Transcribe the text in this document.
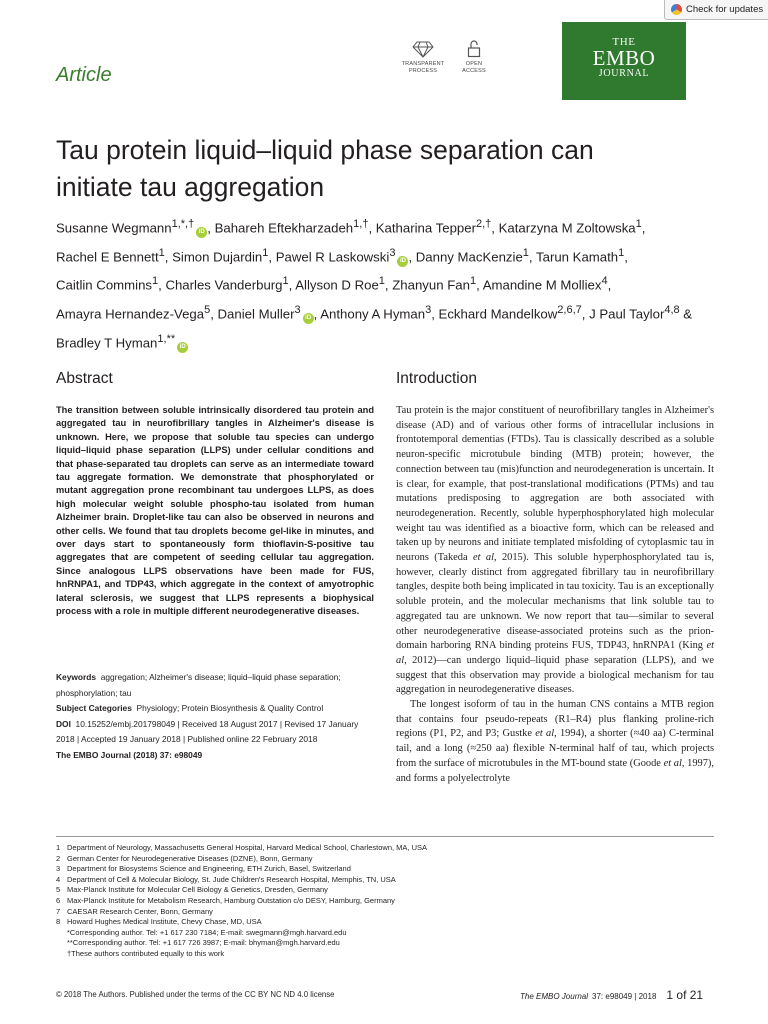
Check for updates
Article	TRANSPARENT
PROCESS
OPEN
ACCESS
THE
EMBO
JOURNAL
Tau protein liquid–liquid phase separation can initiate tau aggregation
Susanne Wegmann$^{1,*,\dagger}$iD , Bahareh Eftekharzadeh$^{1,\dagger}$, Katharina Tepper$^{2,\dagger}$, Katarzyna M Zoltowska$^1$, Rachel E Bennett$^1$, Simon Dujardin$^1$, Pawel R Laskowski$^3$iD , Danny MacKenzie$^1$, Tarun Kamath$^1$, Caitlin Commins$^1$, Charles Vanderburg$^1$, Allyson D Roe$^1$, Zhanyun Fan$^1$, Amandine M Molliex$^4$, Amayra Hernandez-Vega$^5$, Daniel Muller$^3$iD , Anthony A Hyman$^3$, Eckhard Mandelkow$^{2,6,7}$, J Paul Taylor$^{4,8}$ & Bradley T Hyman$^{1,**}$iD
Abstract
The transition between soluble intrinsically disordered tau protein and aggregated tau in neurofibrillary tangles in Alzheimer's disease is unknown. Here, we propose that soluble tau species can undergo liquid–liquid phase separation (LLPS) under cellular conditions and that phase-separated tau droplets can serve as an intermediate toward tau aggregate formation. We demonstrate that phosphorylated or mutant aggregation prone recombinant tau undergoes LLPS, as does high molecular weight soluble phospho-tau isolated from human Alzheimer brain. Droplet-like tau can also be observed in neurons and other cells. We found that tau droplets become gel-like in minutes, and over days start to spontaneously form thioflavin-S-positive tau aggregates that are competent of seeding cellular tau aggregation. Since analogous LLPS observations have been made for FUS, hnRNPA1, and TDP43, which aggregate in the context of amyotrophic lateral sclerosis, we suggest that LLPS represents a biophysical process with a role in multiple different neurodegenerative diseases.
Keywords aggregation; Alzheimer's disease; liquid–liquid phase separation; phosphorylation; tau
Subject Categories Physiology; Protein Biosynthesis & Quality Control
DOI 10.15252/embj.201798049 | Received 18 August 2017 | Revised 17 January 2018 | Accepted 19 January 2018 | Published online 22 February 2018
The EMBO Journal (2018) 37: e98049
Introduction

Tau protein is the major constituent of neurofibrillary tangles in Alzheimer's disease (AD) and of various other forms of intracellular inclusions in frontotemporal dementias (FTDs). Tau is classically described as a soluble neuron-specific microtubule binding (MTB) protein; however, the connection between tau (mis)function and neurodegeneration is uncertain. It is clear, for example, that post-translational modifications (PTMs) and tau mutations predisposing to aggregation are both associated with neurodegeneration. Recently, soluble hyperphosphorylated high molecular weight tau was identified as a bioactive form, which can be released and taken up by neurons and initiate templated misfolding of cytoplasmic tau in neurons (Takeda et al, 2015). This soluble hyperphosphorylated tau is, however, clearly distinct from aggregated fibrillary tau in neurofibrillary tangles, despite both being implicated in tau toxicity. Tau is an exceptionally soluble protein, and the molecular mechanisms that link soluble tau to aggregated tau are unknown. We now report that tau—similar to several other neurodegenerative disease-associated proteins such as the prion-domain harboring RNA binding proteins FUS, TDP43, hnRNPA1 (King et al, 2012)—can undergo liquid–liquid phase separation (LLPS), and we suggest that this observation may provide a biological mechanism for tau aggregation in neurodegenerative diseases.

The longest isoform of tau in the human CNS contains a MTB region that contains four pseudo-repeats (R1–R4) plus flanking proline-rich regions (P1, P2, and P3; Gustke et al, 1994), a shorter (≈40 aa) C-terminal tail, and a long (≈250 aa) flexible N-terminal half of tau, which projects from the surface of microtubules in the MT-bound state (Goode et al, 1997), and forms a polyelectrolyte

1 Department of Neurology, Massachusetts General Hospital, Harvard Medical School, Charlestown, MA, USA
2 German Center for Neurodegenerative Diseases (DZNE), Bonn, Germany
3 Department for Biosystems Science and Engineering, ETH Zurich, Basel, Switzerland
4 Department of Cell & Molecular Biology, St. Jude Children's Research Hospital, Memphis, TN, USA
5 Max-Planck Institute for Molecular Cell Biology & Genetics, Dresden, Germany
6 Max-Planck Institute for Metabolism Research, Hamburg Outstation c/o DESY, Hamburg, Germany
7 CAESAR Research Center, Bonn, Germany
8 Howard Hughes Medical Institute, Chevy Chase, MD, USA
*Corresponding author. Tel: +1 617 230 7184; E-mail: swegmann@mgh.harvard.edu
**Corresponding author. Tel: +1 617 726 3987; E-mail: bhyman@mgh.harvard.edu
†These authors contributed equally to this work
© 2018 The Authors. Published under the terms of the CC BY NC ND 4.0 license	The EMBO Journal 37: e98049 | 2018 1 of 21
